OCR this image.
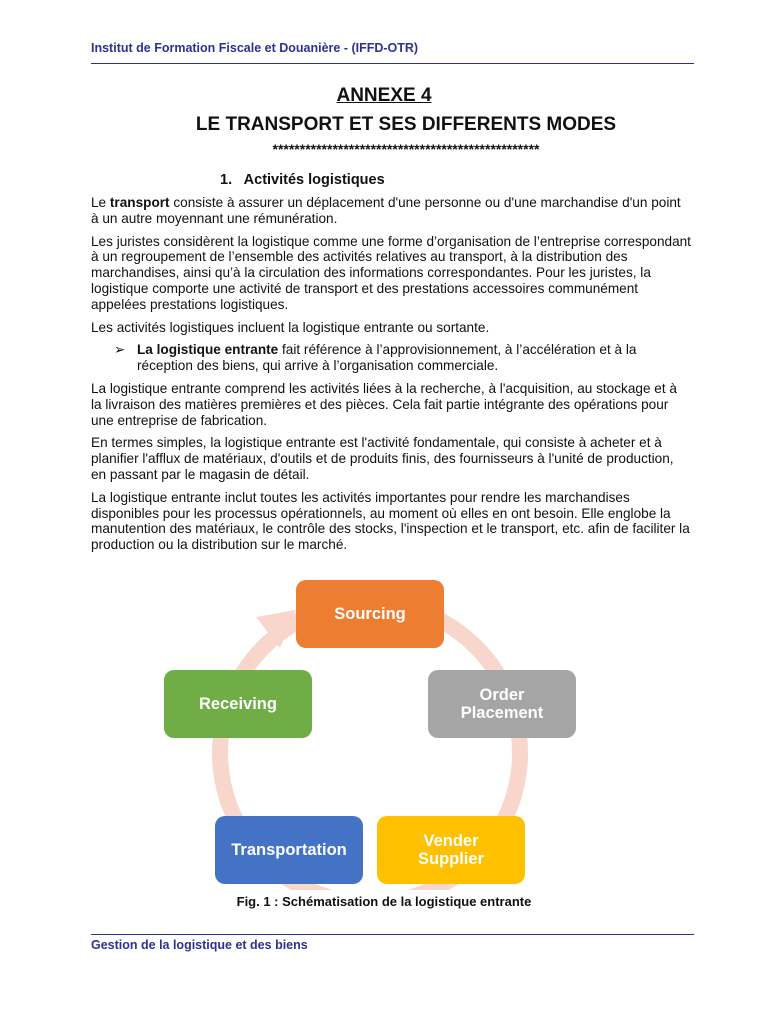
Institut de Formation Fiscale et Douanière - (IFFD-OTR)
ANNEXE 4
LE TRANSPORT ET SES DIFFERENTS MODES
*************************************************
1. Activités logistiques

Le transport consiste à assurer un déplacement d'une personne ou d'une marchandise d'un point à un autre moyennant une rémunération.

Les juristes considèrent la logistique comme une forme d’organisation de l’entreprise correspondant à un regroupement de l’ensemble des activités relatives au transport, à la distribution des marchandises, ainsi qu’à la circulation des informations correspondantes. Pour les juristes, la logistique comporte une activité de transport et des prestations accessoires communément appelées prestations logistiques.

Les activités logistiques incluent la logistique entrante ou sortante.

➢ La logistique entrante fait référence à l’approvisionnement, à l’accélération et à la réception des biens, qui arrive à l’organisation commerciale.

La logistique entrante comprend les activités liées à la recherche, à l'acquisition, au stockage et à la livraison des matières premières et des pièces. Cela fait partie intégrante des opérations pour une entreprise de fabrication.

En termes simples, la logistique entrante est l'activité fondamentale, qui consiste à acheter et à planifier l'afflux de matériaux, d'outils et de produits finis, des fournisseurs à l'unité de production, en passant par le magasin de détail.

La logistique entrante inclut toutes les activités importantes pour rendre les marchandises disponibles pour les processus opérationnels, au moment où elles en ont besoin. Elle englobe la manutention des matériaux, le contrôle des stocks, l'inspection et le transport, etc. afin de faciliter la production ou la distribution sur le marché.

Sourcing
Order
Placement
Vender
Supplier
Transportation
Receiving
Fig. 1 : Schématisation de la logistique entrante
Gestion de la logistique et des biens
